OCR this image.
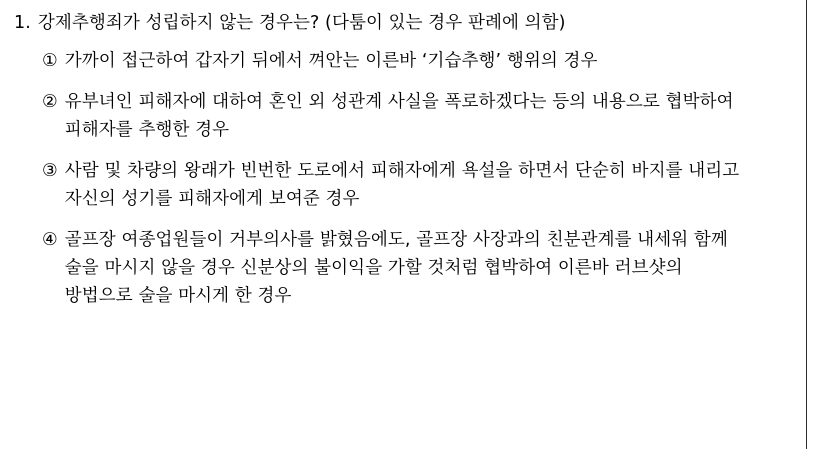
1. 강제추행죄가 성립하지 않는 경우는? (다툼이 있는 경우 판례에 의함)
① 가까이 접근하여 갑자기 뒤에서 껴안는 이른바 ‘기습추행’ 행위의 경우
② 유부녀인 피해자에 대하여 혼인 외 성관계 사실을 폭로하겠다는 등의 내용으로 협박하여 피해자를 추행한 경우
③ 사람 및 차량의 왕래가 빈번한 도로에서 피해자에게 욕설을 하면서 단순히 바지를 내리고 자신의 성기를 피해자에게 보여준 경우
④ 골프장 여종업원들이 거부의사를 밝혔음에도, 골프장 사장과의 친분관계를 내세워 함께 술을 마시지 않을 경우 신분상의 불이익을 가할 것처럼 협박하여 이른바 러브샷의 방법으로 술을 마시게 한 경우
